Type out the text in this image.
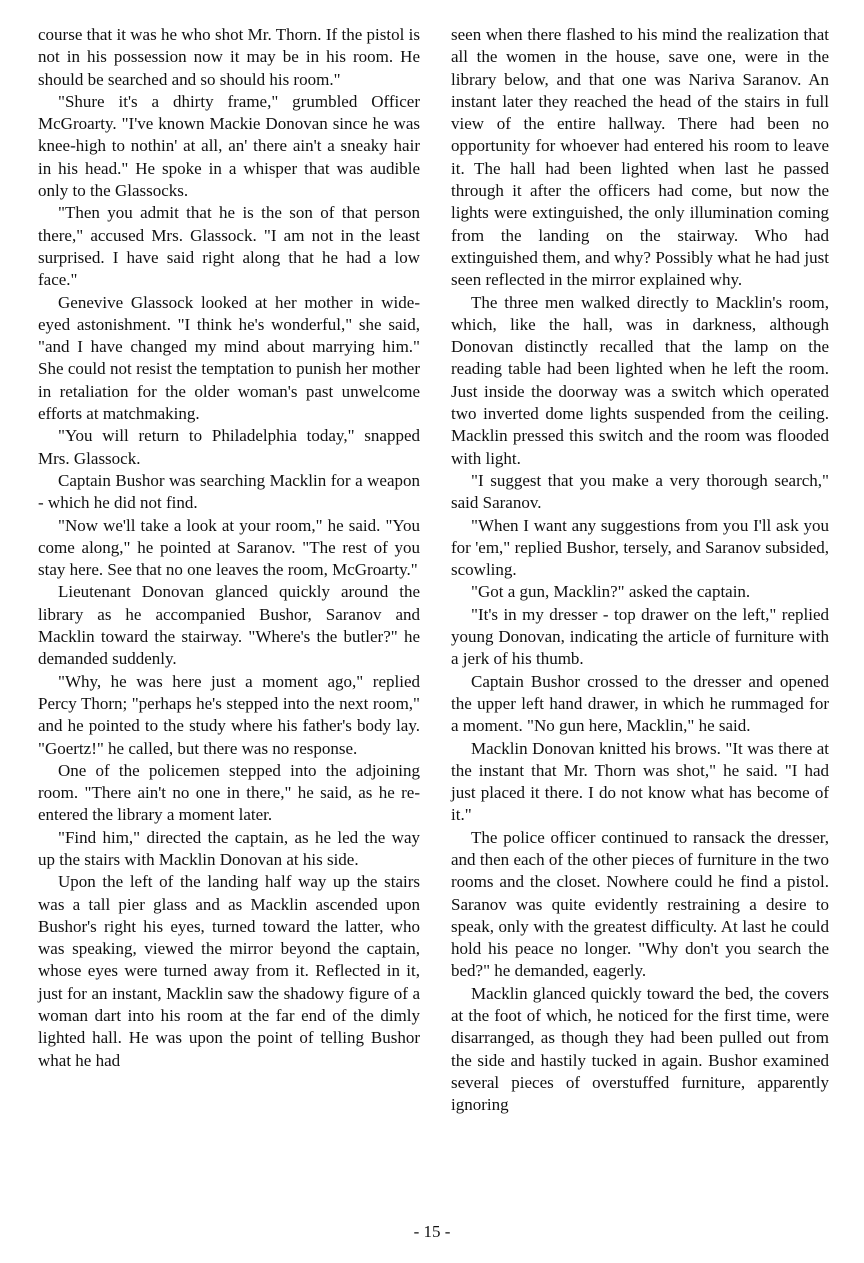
course that it was he who shot Mr. Thorn. If the pistol is not in his possession now it may be in his room. He should be searched and so should his room."

"Shure it's a dhirty frame," grumbled Officer McGroarty. "I've known Mackie Donovan since he was knee-high to nothin' at all, an' there ain't a sneaky hair in his head." He spoke in a whisper that was audible only to the Glassocks.

"Then you admit that he is the son of that person there," accused Mrs. Glassock. "I am not in the least surprised. I have said right along that he had a low face."

Genevive Glassock looked at her mother in wide-eyed astonishment. "I think he's wonderful," she said, "and I have changed my mind about marrying him." She could not resist the temptation to punish her mother in retaliation for the older woman's past unwelcome efforts at matchmaking.

"You will return to Philadelphia today," snapped Mrs. Glassock.

Captain Bushor was searching Macklin for a weapon - which he did not find.

"Now we'll take a look at your room," he said. "You come along," he pointed at Saranov. "The rest of you stay here. See that no one leaves the room, McGroarty."

Lieutenant Donovan glanced quickly around the library as he accompanied Bushor, Saranov and Macklin toward the stairway. "Where's the butler?" he demanded suddenly.

"Why, he was here just a moment ago," replied Percy Thorn; "perhaps he's stepped into the next room," and he pointed to the study where his father's body lay. "Goertz!" he called, but there was no response.

One of the policemen stepped into the adjoining room. "There ain't no one in there," he said, as he re-entered the library a moment later.

"Find him," directed the captain, as he led the way up the stairs with Macklin Donovan at his side.

Upon the left of the landing half way up the stairs was a tall pier glass and as Macklin ascended upon Bushor's right his eyes, turned toward the latter, who was speaking, viewed the mirror beyond the captain, whose eyes were turned away from it. Reflected in it, just for an instant, Macklin saw the shadowy figure of a woman dart into his room at the far end of the dimly lighted hall. He was upon the point of telling Bushor what he had

seen when there flashed to his mind the realization that all the women in the house, save one, were in the library below, and that one was Nariva Saranov. An instant later they reached the head of the stairs in full view of the entire hallway. There had been no opportunity for whoever had entered his room to leave it. The hall had been lighted when last he passed through it after the officers had come, but now the lights were extinguished, the only illumination coming from the landing on the stairway. Who had extinguished them, and why? Possibly what he had just seen reflected in the mirror explained why.

The three men walked directly to Macklin's room, which, like the hall, was in darkness, although Donovan distinctly recalled that the lamp on the reading table had been lighted when he left the room. Just inside the doorway was a switch which operated two inverted dome lights suspended from the ceiling. Macklin pressed this switch and the room was flooded with light.

"I suggest that you make a very thorough search," said Saranov.

"When I want any suggestions from you I'll ask you for 'em," replied Bushor, tersely, and Saranov subsided, scowling.

"Got a gun, Macklin?" asked the captain.

"It's in my dresser - top drawer on the left," replied young Donovan, indicating the article of furniture with a jerk of his thumb.

Captain Bushor crossed to the dresser and opened the upper left hand drawer, in which he rummaged for a moment. "No gun here, Macklin," he said.

Macklin Donovan knitted his brows. "It was there at the instant that Mr. Thorn was shot," he said. "I had just placed it there. I do not know what has become of it."

The police officer continued to ransack the dresser, and then each of the other pieces of furniture in the two rooms and the closet. Nowhere could he find a pistol. Saranov was quite evidently restraining a desire to speak, only with the greatest difficulty. At last he could hold his peace no longer. "Why don't you search the bed?" he demanded, eagerly.

Macklin glanced quickly toward the bed, the covers at the foot of which, he noticed for the first time, were disarranged, as though they had been pulled out from the side and hastily tucked in again. Bushor examined several pieces of overstuffed furniture, apparently ignoring

- 15 -
